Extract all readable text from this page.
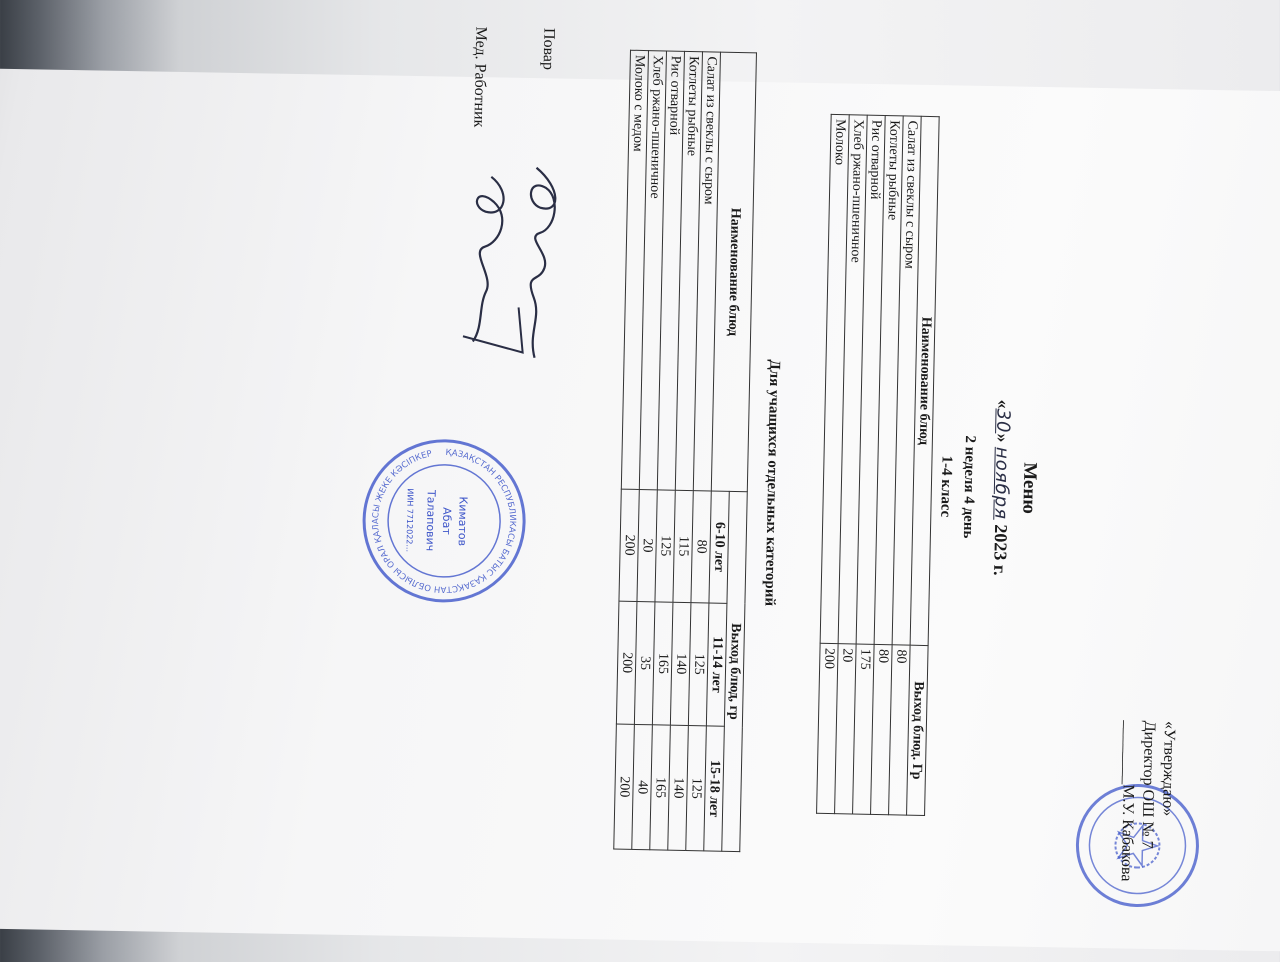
«Утверждаю»
Директор ОШ № 7
________М.У. Кабакова
Меню
«30» ноября 2023 г.
2 неделя 4 день
1-4 класс
Наименование блюд	Выход блюд. Гр
Салат из свеклы с сыром	80
Котлеты рыбные	80
Рис отварной	175
Хлеб ржано-пшеничное	20
Молоко	200
Для учащихся отдельных категорий
Наименование блюд	Выход блюд, гр		
	6-10 лет	11-14 лет	15-18 лет
Салат из свеклы с сыром	80	125	125
Котлеты рыбные	115	140	140
Рис отварной	125	165	165
Хлеб ржано-пшеничное	20	35	40
Молоко с медом	200	200	200
Повар
Мед. Работник
ҚАЗАҚСТАН РЕСПУБЛИКАСЫ БАТЫС ҚАЗАҚСТАН ОБЛЫСЫ ОРАЛ ҚАЛАСЫ ЖЕКЕ КӘСІПКЕР
Киматов
Абат
Талапович
ИИН 7712022...
